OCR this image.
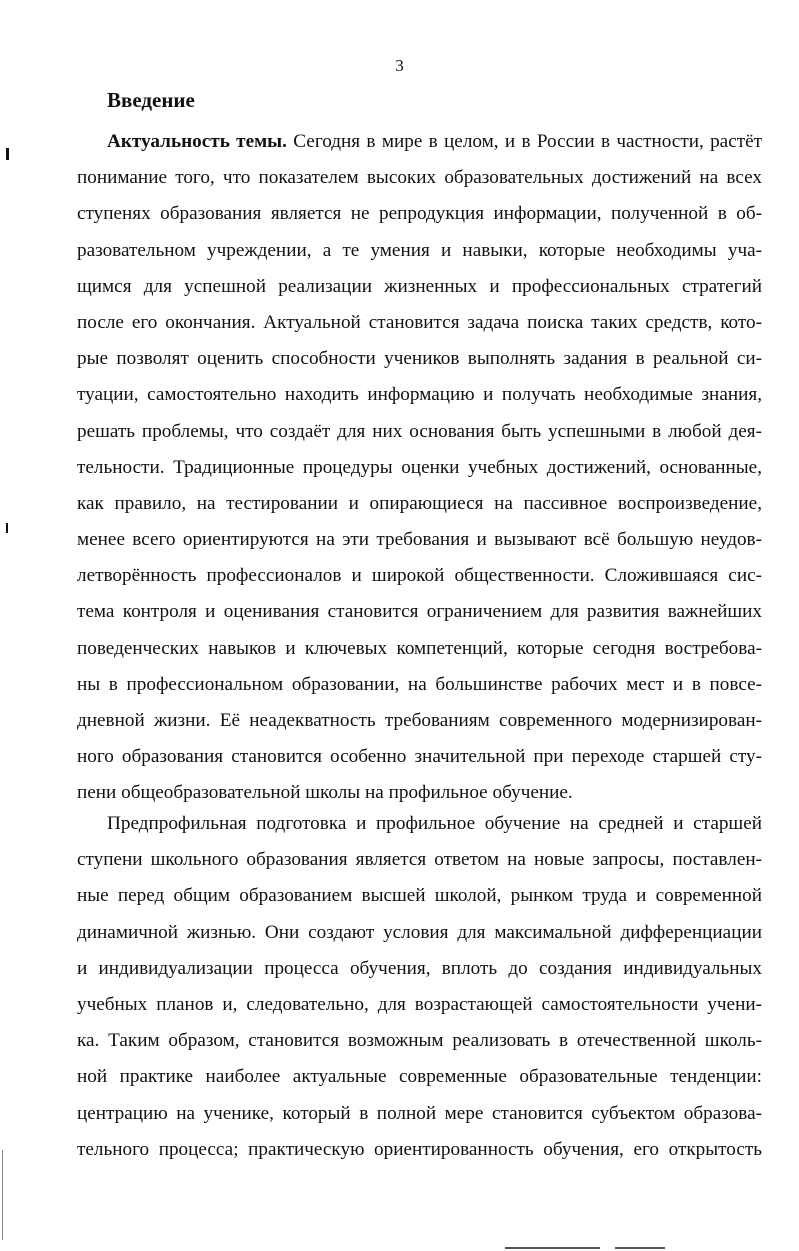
3
Введение
Актуальность темы. Сегодня в мире в целом, и в России в частности, растёт
понимание того, что показателем высоких образовательных достижений на всех
ступенях образования является не репродукция информации, полученной в об-
разовательном учреждении, а те умения и навыки, которые необходимы уча-
щимся для успешной реализации жизненных и профессиональных стратегий
после его окончания. Актуальной становится задача поиска таких средств, кото-
рые позволят оценить способности учеников выполнять задания в реальной си-
туации, самостоятельно находить информацию и получать необходимые знания,
решать проблемы, что создаёт для них основания быть успешными в любой дея-
тельности. Традиционные процедуры оценки учебных достижений, основанные,
как правило, на тестировании и опирающиеся на пассивное воспроизведение,
менее всего ориентируются на эти требования и вызывают всё большую неудов-
летворённость профессионалов и широкой общественности. Сложившаяся сис-
тема контроля и оценивания становится ограничением для развития важнейших
поведенческих навыков и ключевых компетенций, которые сегодня востребова-
ны в профессиональном образовании, на большинстве рабочих мест и в повсе-
дневной жизни. Её неадекватность требованиям современного модернизирован-
ного образования становится особенно значительной при переходе старшей сту-
пени общеобразовательной школы на профильное обучение.
Предпрофильная подготовка и профильное обучение на средней и старшей
ступени школьного образования является ответом на новые запросы, поставлен-
ные перед общим образованием высшей школой, рынком труда и современной
динамичной жизнью. Они создают условия для максимальной дифференциации
и индивидуализации процесса обучения, вплоть до создания индивидуальных
учебных планов и, следовательно, для возрастающей самостоятельности учени-
ка. Таким образом, становится возможным реализовать в отечественной школь-
ной практике наиболее актуальные современные образовательные тенденции:
центрацию на ученике, который в полной мере становится субъектом образова-
тельного процесса; практическую ориентированность обучения, его открытость
